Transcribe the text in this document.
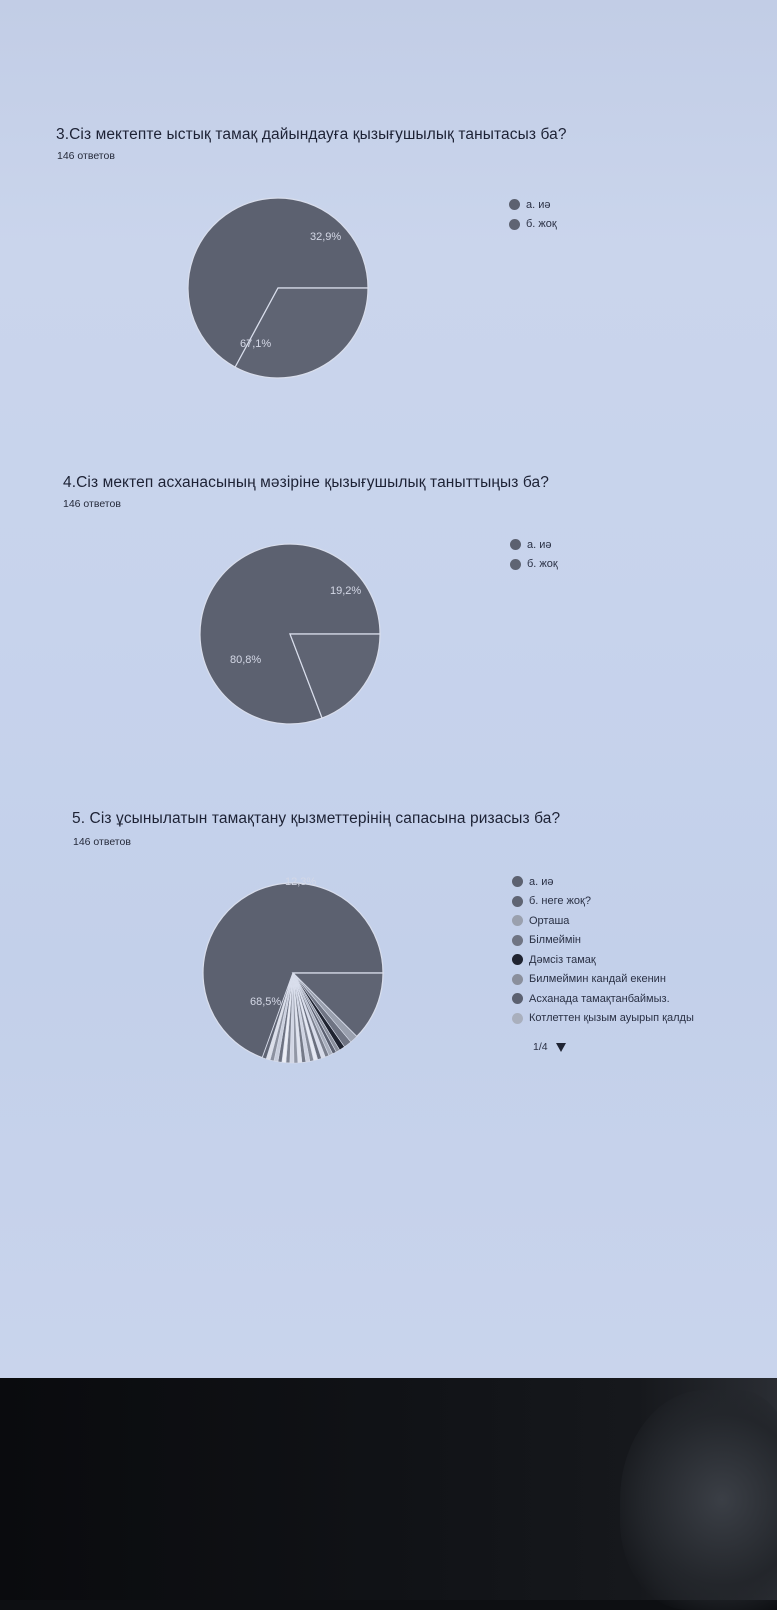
3.Сіз мектепте ыстық тамақ дайындауға қызығушылық танытасыз ба?
146 ответов
67,1%
32,9%
а. иә
б. жоқ
4.Сіз мектеп асханасының мәзіріне қызығушылық танытты​ңыз ба?
146 ответов
80,8%
19,2%
а. иә
б. жоқ
5. Сіз ұсынылатын тамақтану қызметтерінің сапасына ризасыз ба?
146 ответов
68,5%
12,3%	а. иә
б. неге жоқ?
Орташа
Білмеймін
Дәмсіз тамақ
Билмеймин кандай екенин
Асханада тамақтанбаймыз.
Котлеттен қызым ауырып қалды
1/4
